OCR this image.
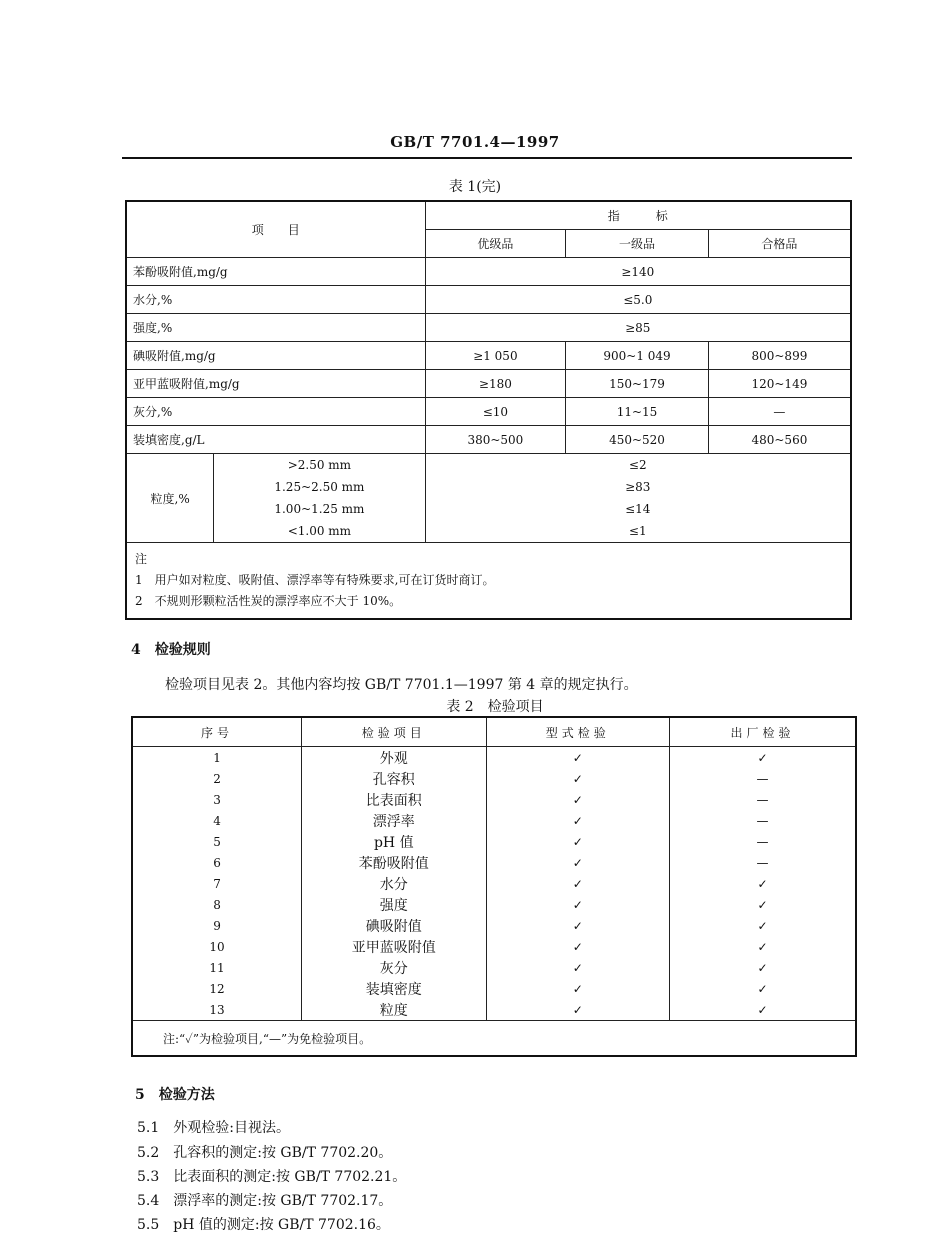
GB/T 7701.4—1997
表 1(完)
项　　目		指　　　标		
		优级品	一级品	合格品
苯酚吸附值,mg/g		≥140		
水分,%		≤5.0		
强度,%		≥85		
碘吸附值,mg/g		≥1 050	900~1 049	800~899
亚甲蓝吸附值,mg/g		≥180	150~179	120~149
灰分,%		≤10	11~15	—
装填密度,g/L		380~500	450~520	480~560
粒度,%	>2.50 mm	≤2		
	1.25~2.50 mm	≥83		
	1.00~1.25 mm	≤14		
	<1.00 mm	≤1		

注
1　用户如对粒度、吸附值、漂浮率等有特殊要求,可在订货时商订。
2　不规则形颗粒活性炭的漂浮率应不大于 10%。				
4　检验规则
检验项目见表 2。其他内容均按 GB/T 7701.1—1997 第 4 章的规定执行。
表 2　检验项目
序号	检验项目	型式检验	出厂检验
1	外观	✓	✓
2	孔容积	✓	—
3	比表面积	✓	—
4	漂浮率	✓	—
5	pH 值	✓	—
6	苯酚吸附值	✓	—
7	水分	✓	✓
8	强度	✓	✓
9	碘吸附值	✓	✓
10	亚甲蓝吸附值	✓	✓
11	灰分	✓	✓
12	装填密度	✓	✓
13	粒度	✓	✓
注:“✓”为检验项目,“—”为免检验项目。			
5　检验方法
5.1　外观检验:目视法。
5.2　孔容积的测定:按 GB/T 7702.20。
5.3　比表面积的测定:按 GB/T 7702.21。
5.4　漂浮率的测定:按 GB/T 7702.17。
5.5　pH 值的测定:按 GB/T 7702.16。
